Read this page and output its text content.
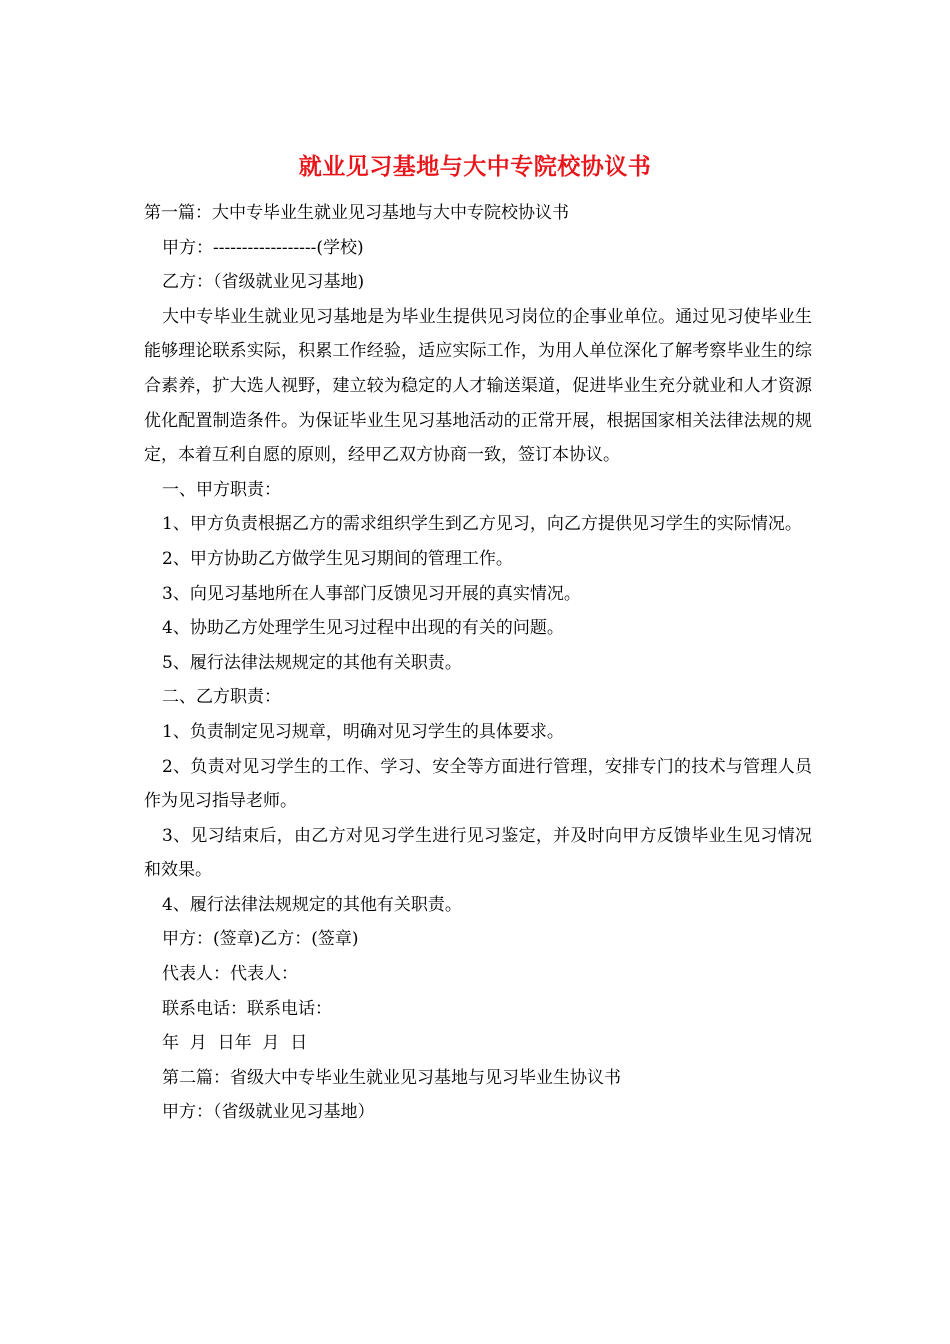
就业见习基地与大中专院校协议书

第一篇：大中专毕业生就业见习基地与大中专院校协议书

甲方：------------------(学校)

乙方：（省级就业见习基地)

大中专毕业生就业见习基地是为毕业生提供见习岗位的企事业单位。通过见习使毕业生能够理论联系实际，积累工作经验，适应实际工作，为用人单位深化了解考察毕业生的综合素养，扩大选人视野，建立较为稳定的人才输送渠道，促进毕业生充分就业和人才资源优化配置制造条件。为保证毕业生见习基地活动的正常开展，根据国家相关法律法规的规定，本着互利自愿的原则，经甲乙双方协商一致，签订本协议。

一、甲方职责：

1、甲方负责根据乙方的需求组织学生到乙方见习，向乙方提供见习学生的实际情况。

2、甲方协助乙方做学生见习期间的管理工作。

3、向见习基地所在人事部门反馈见习开展的真实情况。

4、协助乙方处理学生见习过程中出现的有关的问题。

5、履行法律法规规定的其他有关职责。

二、乙方职责：

1、负责制定见习规章，明确对见习学生的具体要求。

2、负责对见习学生的工作、学习、安全等方面进行管理，安排专门的技术与管理人员作为见习指导老师。

3、见习结束后，由乙方对见习学生进行见习鉴定，并及时向甲方反馈毕业生见习情况和效果。

4、履行法律法规规定的其他有关职责。

甲方：(签章)乙方：(签章)

代表人：代表人：

联系电话：联系电话：

年  月  日年  月  日

第二篇：省级大中专毕业生就业见习基地与见习毕业生协议书

甲方：（省级就业见习基地）
